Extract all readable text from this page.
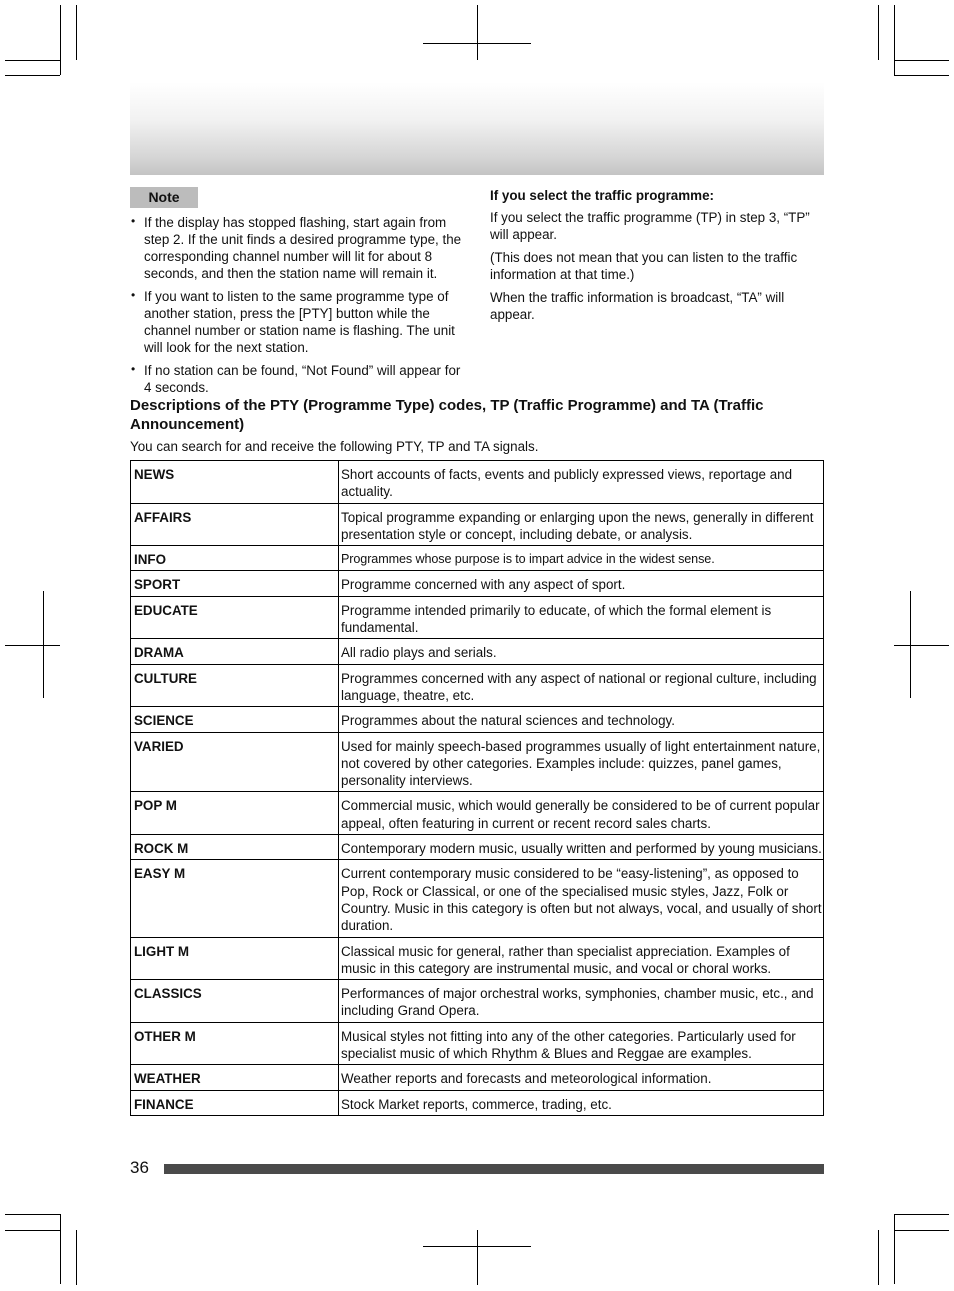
Note
• If the display has stopped flashing, start again from step 2. If the unit finds a desired programme type, the corresponding channel number will lit for about 8 seconds, and then the station name will remain it.
• If you want to listen to the same programme type of another station, press the [PTY] button while the channel number or station name is flashing. The unit will look for the next station.
• If no station can be found, “Not Found” will appear for 4 seconds.
If you select the traffic programme:

If you select the traffic programme (TP) in step 3, “TP” will appear.

(This does not mean that you can listen to the traffic information at that time.)

When the traffic information is broadcast, “TA” will appear.

Descriptions of the PTY (Programme Type) codes, TP (Traffic Programme) and TA (Traffic Announcement)

You can search for and receive the following PTY, TP and TA signals.

NEWS	Short accounts of facts, events and publicly expressed views, reportage and actuality.
AFFAIRS	Topical programme expanding or enlarging upon the news, generally in different presentation style or concept, including debate, or analysis.
INFO	Programmes whose purpose is to impart advice in the widest sense.
SPORT	Programme concerned with any aspect of sport.
EDUCATE	Programme intended primarily to educate, of which the formal element is fundamental.
DRAMA	All radio plays and serials.
CULTURE	Programmes concerned with any aspect of national or regional culture, including language, theatre, etc.
SCIENCE	Programmes about the natural sciences and technology.
VARIED	Used for mainly speech-based programmes usually of light entertainment nature, not covered by other categories. Examples include: quizzes, panel games, personality interviews.
POP M	Commercial music, which would generally be considered to be of current popular appeal, often featuring in current or recent record sales charts.
ROCK M	Contemporary modern music, usually written and performed by young musicians.
EASY M	Current contemporary music considered to be “easy-listening”, as opposed to Pop, Rock or Classical, or one of the specialised music styles, Jazz, Folk or Country. Music in this category is often but not always, vocal, and usually of short duration.
LIGHT M	Classical music for general, rather than specialist appreciation. Examples of music in this category are instrumental music, and vocal or choral works.
CLASSICS	Performances of major orchestral works, symphonies, chamber music, etc., and including Grand Opera.
OTHER M	Musical styles not fitting into any of the other categories. Particularly used for specialist music of which Rhythm & Blues and Reggae are examples.
WEATHER	Weather reports and forecasts and meteorological information.
FINANCE	Stock Market reports, commerce, trading, etc.
36
